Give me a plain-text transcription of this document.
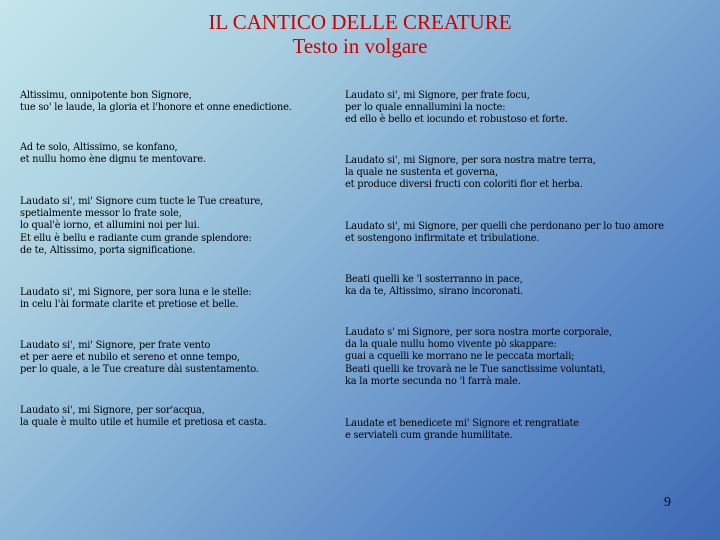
IL CANTICO DELLE CREATURE
Testo in volgare
Altissimu, onnipotente bon Signore,
tue so' le laude, la gloria et l'honore et onne enedictione.
Ad te solo, Altissimo, se konfano,
et nullu homo ène dignu te mentovare.
Laudato si', mi' Signore cum tucte le Tue creature,
spetialmente messor lo frate sole,
lo qual'è iorno, et allumini noi per lui.
Et ellu è bellu e radiante cum grande splendore:
de te, Altissimo, porta significatione.
Laudato si', mi Signore, per sora luna e le stelle:
in celu l'ài formate clarite et pretiose et belle.
Laudato si', mi' Signore, per frate vento
et per aere et nubilo et sereno et onne tempo,
per lo quale, a le Tue creature dài sustentamento.
Laudato si', mi Signore, per sor'acqua,
la quale è multo utile et humile et pretiosa et casta.
Laudato si', mi Signore, per frate focu,
per lo quale ennallumini la nocte:
ed ello è bello et iocundo et robustoso et forte.
Laudato si', mi Signore, per sora nostra matre terra,
la quale ne sustenta et governa,
et produce diversi fructi con coloriti fior et herba.
Laudato si', mi Signore, per quelli che perdonano per lo tuo amore
et sostengono infirmitate et tribulatione.
Beati quelli ke 'l sosterranno in pace,
ka da te, Altissimo, sirano incoronati.
Laudato s' mi Signore, per sora nostra morte corporale,
da la quale nullu homo vivente pò skappare:
guai a cquelli ke morrano ne le peccata mortali;
Beati quelli ke trovarà ne le Tue sanctissime voluntati,
ka la morte secunda no 'l farrà male.
Laudate et benedicete mi' Signore et rengratiate
e serviateli cum grande humilitate.
9
